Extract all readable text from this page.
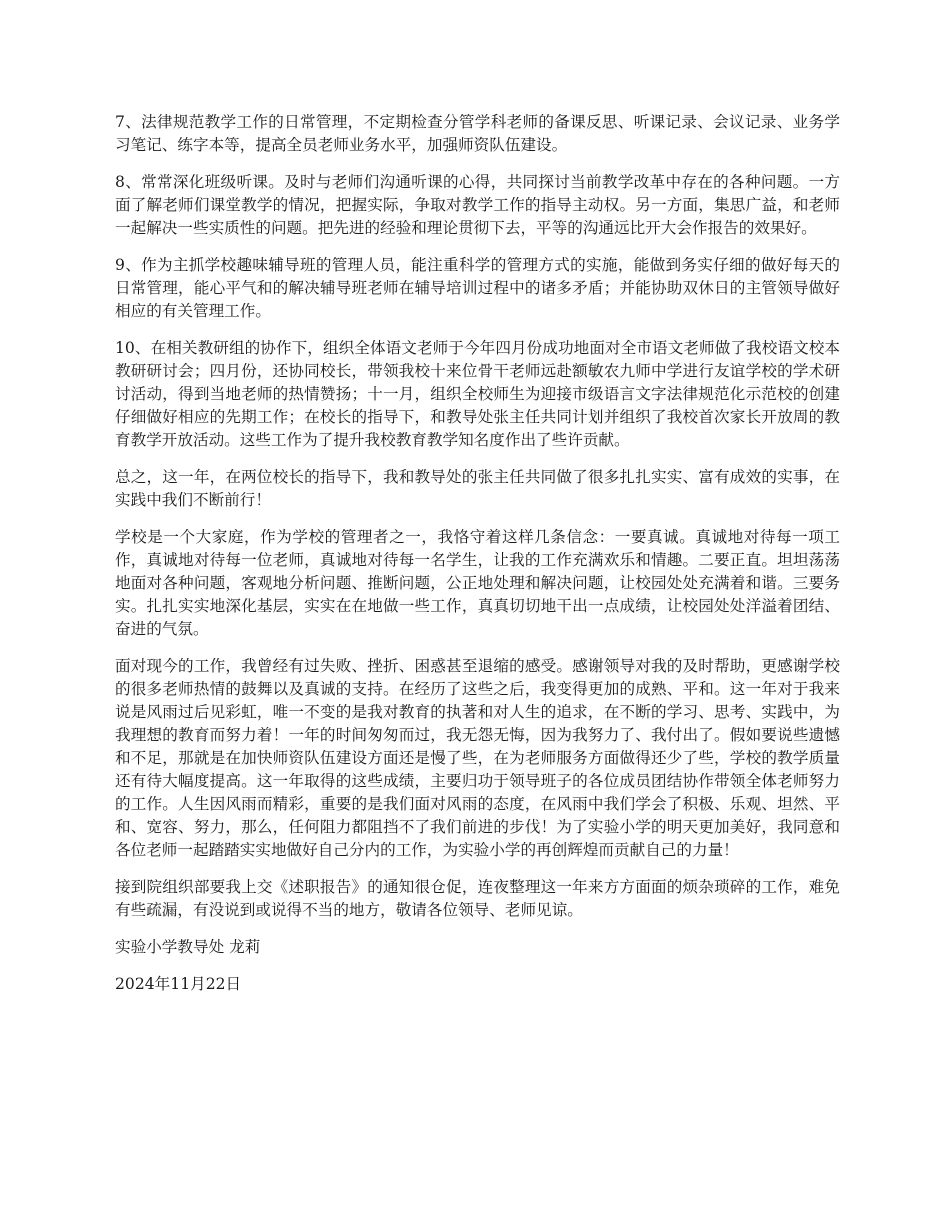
7、法律规范教学工作的日常管理，不定期检查分管学科老师的备课反思、听课记录、会议记录、业务学习笔记、练字本等，提高全员老师业务水平，加强师资队伍建设。

8、常常深化班级听课。及时与老师们沟通听课的心得，共同探讨当前教学改革中存在的各种问题。一方面了解老师们课堂教学的情况，把握实际，争取对教学工作的指导主动权。另一方面，集思广益，和老师一起解决一些实质性的问题。把先进的经验和理论贯彻下去，平等的沟通远比开大会作报告的效果好。

9、作为主抓学校趣味辅导班的管理人员，能注重科学的管理方式的实施，能做到务实仔细的做好每天的日常管理，能心平气和的解决辅导班老师在辅导培训过程中的诸多矛盾；并能协助双休日的主管领导做好相应的有关管理工作。

10、在相关教研组的协作下，组织全体语文老师于今年四月份成功地面对全市语文老师做了我校语文校本教研研讨会；四月份，还协同校长，带领我校十来位骨干老师远赴额敏农九师中学进行友谊学校的学术研讨活动，得到当地老师的热情赞扬；十一月，组织全校师生为迎接市级语言文字法律规范化示范校的创建仔细做好相应的先期工作；在校长的指导下，和教导处张主任共同计划并组织了我校首次家长开放周的教育教学开放活动。这些工作为了提升我校教育教学知名度作出了些许贡献。

总之，这一年，在两位校长的指导下，我和教导处的张主任共同做了很多扎扎实实、富有成效的实事，在实践中我们不断前行！

学校是一个大家庭，作为学校的管理者之一，我恪守着这样几条信念：一要真诚。真诚地对待每一项工作，真诚地对待每一位老师，真诚地对待每一名学生，让我的工作充满欢乐和情趣。二要正直。坦坦荡荡地面对各种问题，客观地分析问题、推断问题，公正地处理和解决问题，让校园处处充满着和谐。三要务实。扎扎实实地深化基层，实实在在地做一些工作，真真切切地干出一点成绩，让校园处处洋溢着团结、奋进的气氛。

面对现今的工作，我曾经有过失败、挫折、困惑甚至退缩的感受。感谢领导对我的及时帮助，更感谢学校的很多老师热情的鼓舞以及真诚的支持。在经历了这些之后，我变得更加的成熟、平和。这一年对于我来说是风雨过后见彩虹，唯一不变的是我对教育的执著和对人生的追求，在不断的学习、思考、实践中，为我理想的教育而努力着！一年的时间匆匆而过，我无怨无悔，因为我努力了、我付出了。假如要说些遗憾和不足，那就是在加快师资队伍建设方面还是慢了些，在为老师服务方面做得还少了些，学校的教学质量还有待大幅度提高。这一年取得的这些成绩，主要归功于领导班子的各位成员团结协作带领全体老师努力的工作。人生因风雨而精彩，重要的是我们面对风雨的态度，在风雨中我们学会了积极、乐观、坦然、平和、宽容、努力，那么，任何阻力都阻挡不了我们前进的步伐！为了实验小学的明天更加美好，我同意和各位老师一起踏踏实实地做好自己分内的工作，为实验小学的再创辉煌而贡献自己的力量！

接到院组织部要我上交《述职报告》的通知很仓促，连夜整理这一年来方方面面的烦杂琐碎的工作，难免有些疏漏，有没说到或说得不当的地方，敬请各位领导、老师见谅。

实验小学教导处 龙莉

2024年11月22日
